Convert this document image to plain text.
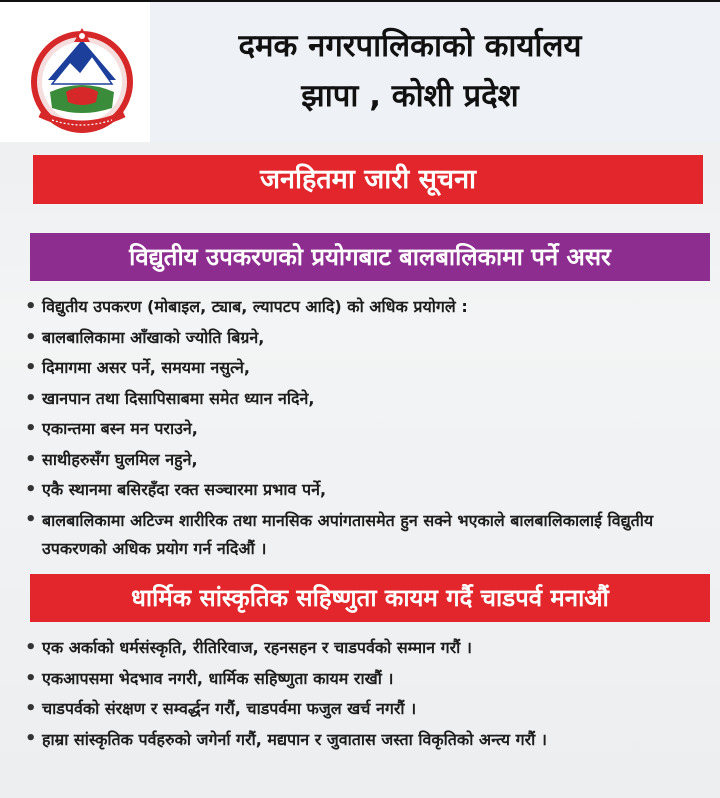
दमक नगरपालिकाको कार्यालय
झापा , कोशी प्रदेश
जनहितमा जारी सूचना
विद्युतीय उपकरणको प्रयोगबाट बालबालिकामा पर्ने असर
• विद्युतीय उपकरण (मोबाइल, ट्याब, ल्यापटप आदि) को अधिक प्रयोगले :
• बालबालिकामा आँखाको ज्योति बिग्रने,
• दिमागमा असर पर्ने, समयमा नसुत्ने,
• खानपान तथा दिसापिसाबमा समेत ध्यान नदिने,
• एकान्तमा बस्न मन पराउने,
• साथीहरुसँग घुलमिल नहुने,
• एकै स्थानमा बसिरहँदा रक्त सञ्चारमा प्रभाव पर्ने,
• बालबालिकामा अटिज्म शारीरिक तथा मानसिक अपांगतासमेत हुन सक्ने भएकाले बालबालिकालाई विद्युतीय उपकरणको अधिक प्रयोग गर्न नदिऔं ।
धार्मिक सांस्कृतिक सहिष्णुता कायम गर्दै चाडपर्व मनाऔं
• एक अर्काको धर्मसंस्कृति, रीतिरिवाज, रहनसहन र चाडपर्वको सम्मान गरौं ।
• एकआपसमा भेदभाव नगरी, धार्मिक सहिष्णुता कायम राखौं ।
• चाडपर्वको संरक्षण र सम्वर्द्धन गरौं, चाडपर्वमा फजुल खर्च नगरौं ।
• हाम्रा सांस्कृतिक पर्वहरुको जगेर्ना गरौं, मद्यपान र जुवातास जस्ता विकृतिको अन्त्य गरौं ।
